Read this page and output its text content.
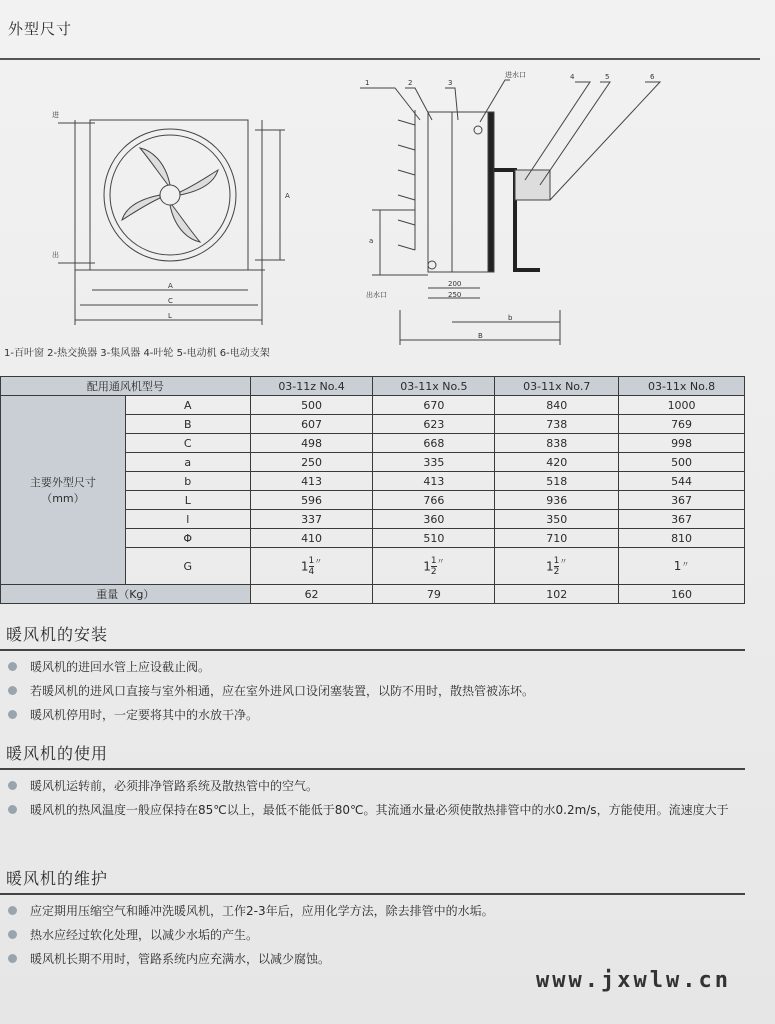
外型尺寸
进
出
A
A
C
L
1	2	3
进水口	4	5	6
出水口
a
200
250
b
B
1-百叶窗 2-热交换器 3-集风器 4-叶轮 5-电动机 6-电动支架
配用通风机型号		03-11z No.4	03-11x No.5	03-11x No.7	03-11x No.8

主要外型尺寸
（mm）	A	500	670	840	1000
	B	607	623	738	769
	C	498	668	838	998
	a	250	335	420	500
	b	413	413	518	544
	L	596	766	936	367
	l	337	360	350	367
	Φ	410	510	710	810
	G	$1 \frac{1}{4} ^〃$	$1 \frac{1}{2} ^〃$	$1 \frac{1}{2} ^〃$	1〃
重量（Kg）		62	79	102	160
暖风机的安装
暖风机的进回水管上应设截止阀。
若暖风机的进风口直接与室外相通，应在室外进风口设闭塞装置，以防不用时，散热管被冻坏。
暖风机停用时，一定要将其中的水放干净。
暖风机的使用
暖风机运转前，必须排净管路系统及散热管中的空气。
暖风机的热风温度一般应保持在85℃以上，最低不能低于80℃。其流通水量必须使散热排管中的水0.2m/s，方能使用。流速度大于
暖风机的维护
应定期用压缩空气和睡冲洗暖风机，工作2-3年后，应用化学方法，除去排管中的水垢。
热水应经过软化处理，以减少水垢的产生。
暖风机长期不用时，管路系统内应充满水，以减少腐蚀。
www.jxwlw.cn
